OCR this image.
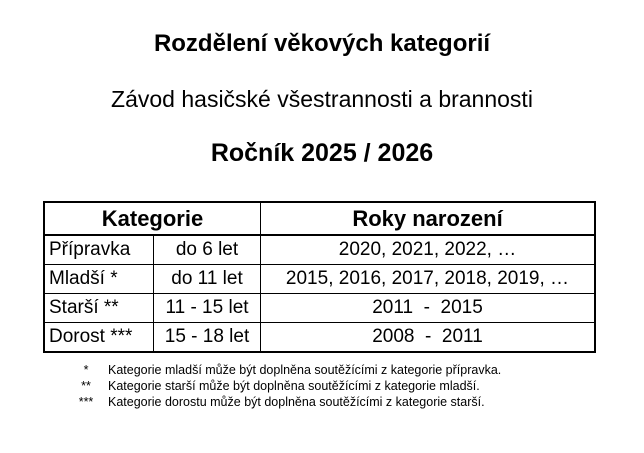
Rozdělení věkových kategorií
Závod hasičské všestrannosti a brannosti
Ročník 2025 / 2026
Kategorie		Roky narození
Přípravka	do 6 let	2020, 2021, 2022, …
Mladší *	do 11 let	2015, 2016, 2017, 2018, 2019, …
Starší **	11 - 15 let	2011  -  2015
Dorost ***	15 - 18 let	2008  -  2011
*	Kategorie mladší může být doplněna soutěžícími z kategorie přípravka.
**	Kategorie starší může být doplněna soutěžícími z kategorie mladší.
***	Kategorie dorostu může být doplněna soutěžícími z kategorie starší.
